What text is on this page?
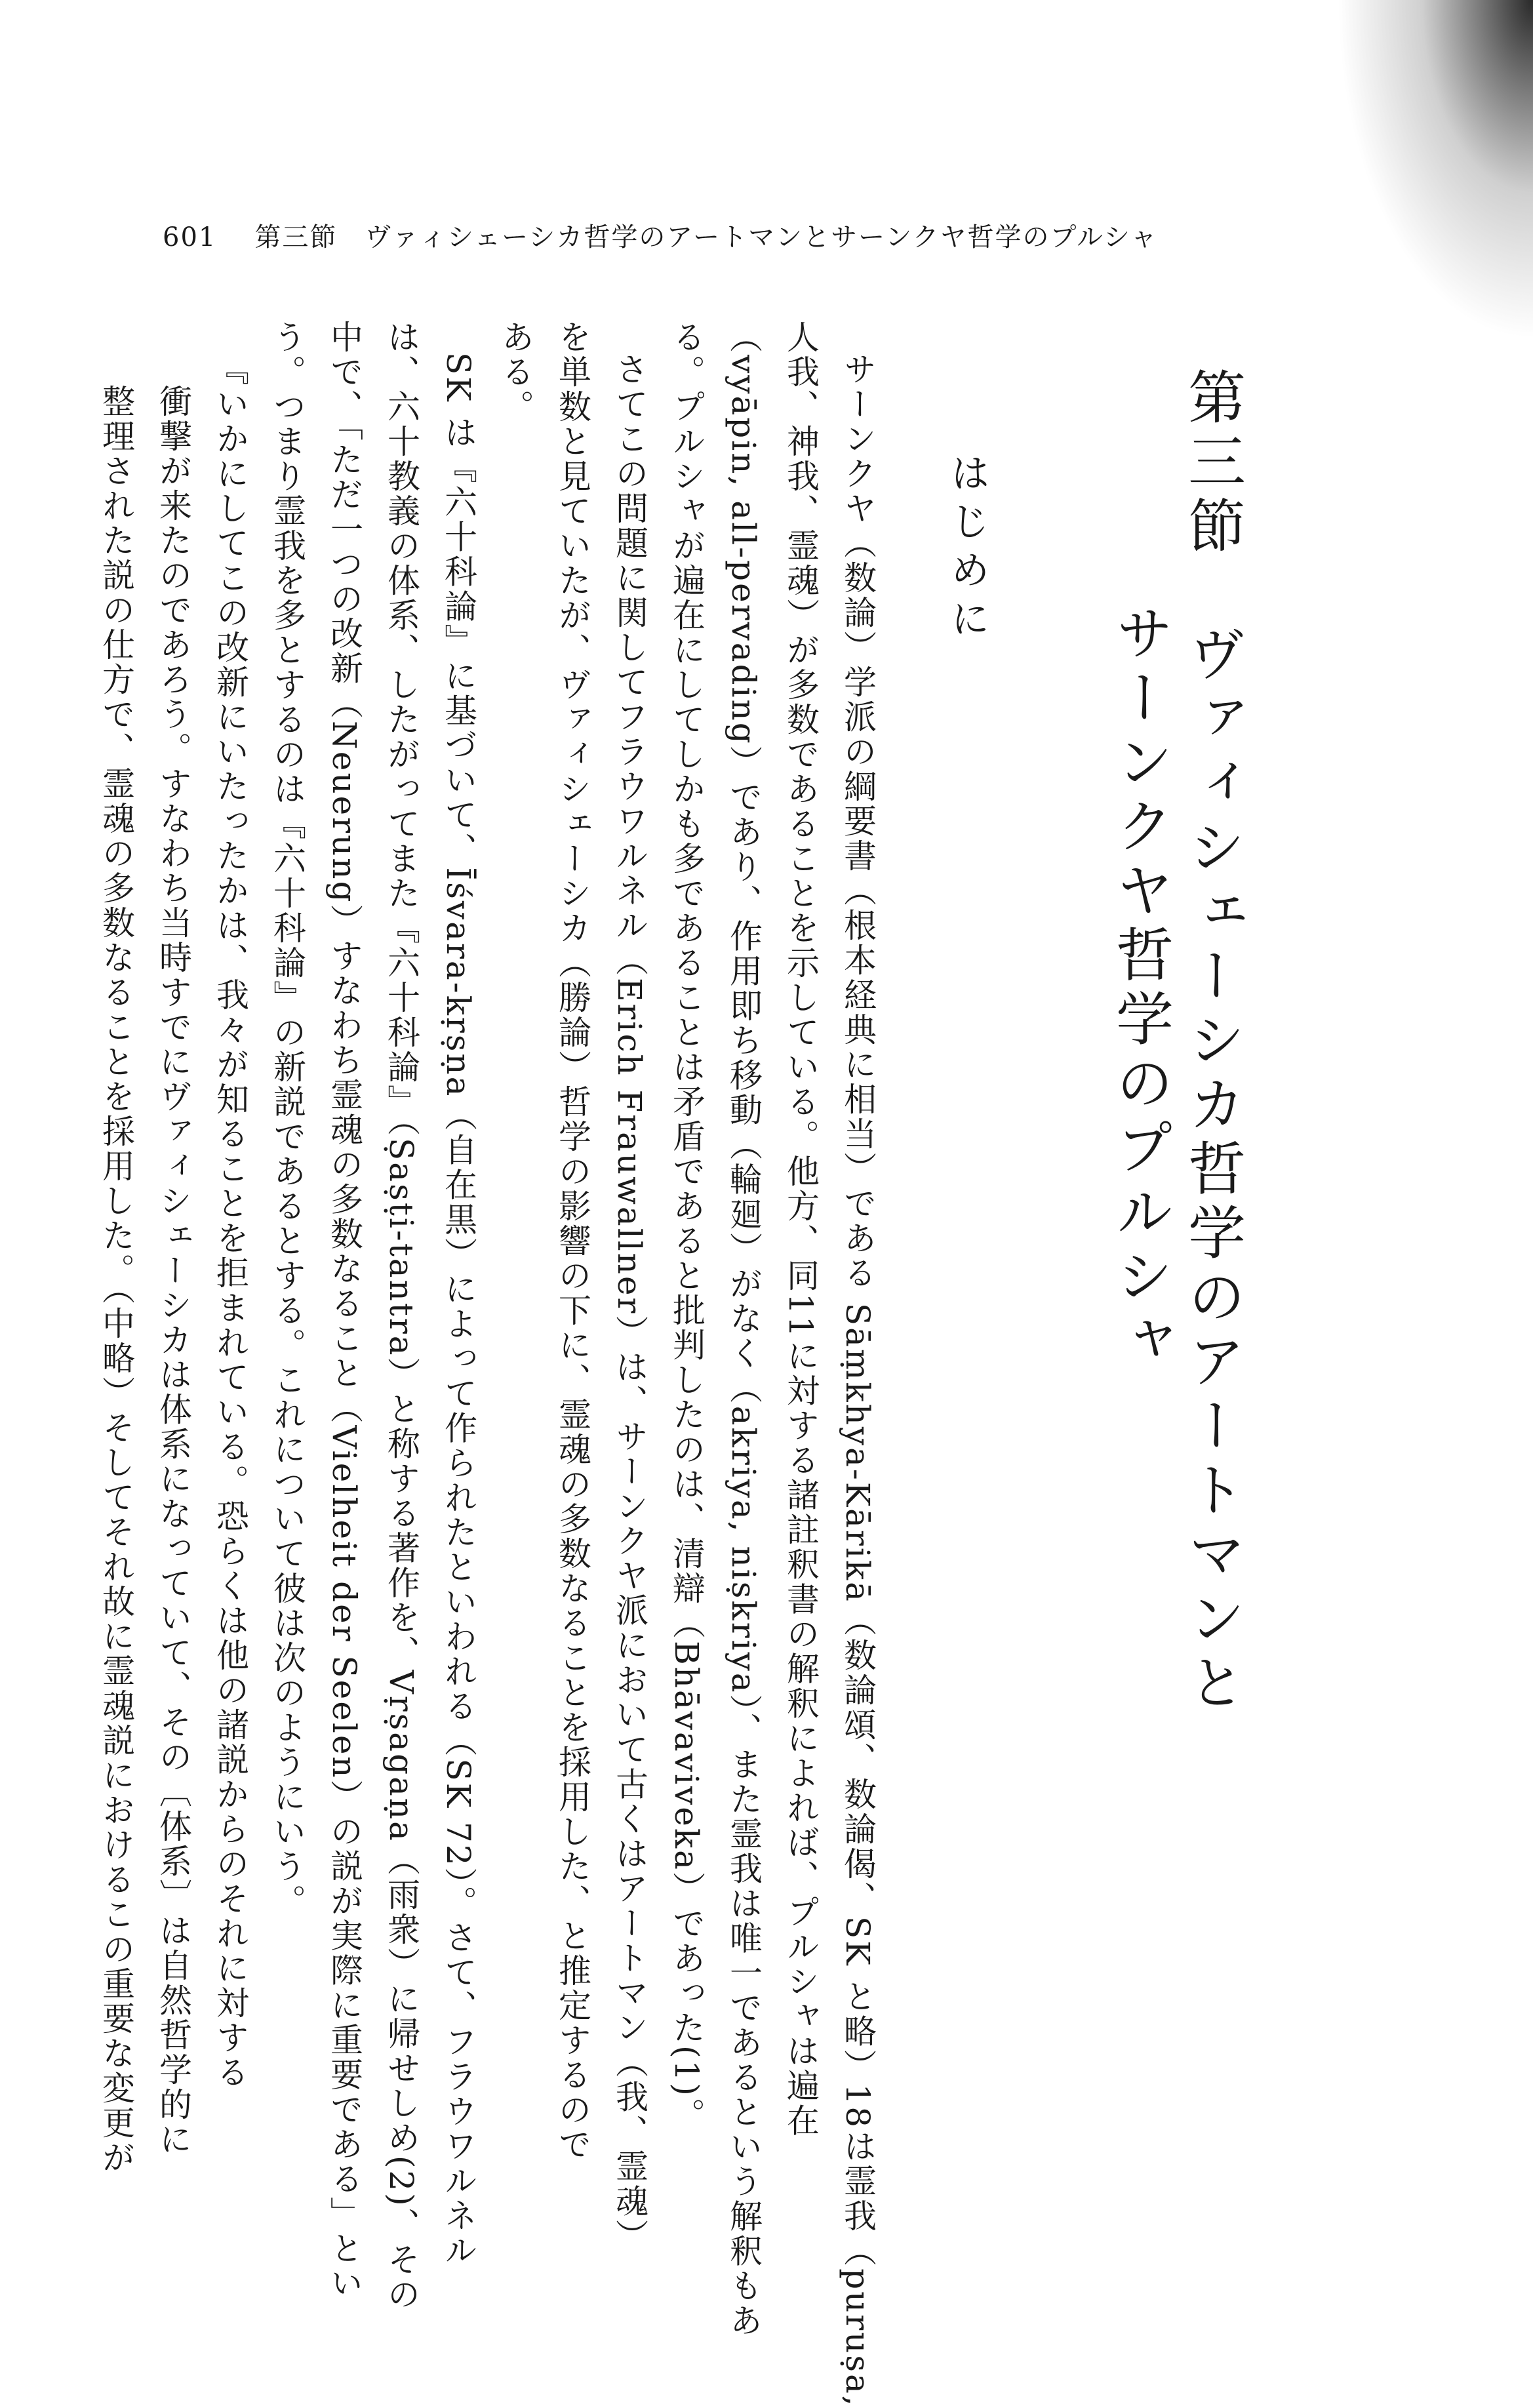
601 第三節　ヴァィシェーシカ哲学のアートマンとサーンクヤ哲学のプルシャ
第三節　ヴァィシェーシカ哲学のアートマンと
サーンクヤ哲学のプルシャ
はじめに
サーンクヤ（数論）学派の綱要書（根本経典に相当）である Sāṃkhya-Kārikā（数論頌、数論偈、SK と略）18は霊我（puruṣa,
人我、神我、霊魂）が多数であることを示している。他方、同11に対する諸註釈書の解釈によれば、プルシャは遍在
（vyāpin, all-pervading）であり、作用即ち移動（輪廻）がなく（akriya, niṣkriya）、また霊我は唯一であるという解釈もあ
る。プルシャが遍在にしてしかも多であることは矛盾であると批判したのは、清辯（Bhāvaviveka）であった(1)。
さてこの問題に関してフラウワルネル（Erich Frauwallner）は、サーンクヤ派において古くはアートマン（我、霊魂）
を単数と見ていたが、ヴァィシェーシカ（勝論）哲学の影響の下に、霊魂の多数なることを採用した、と推定するので
ある。
SK は『六十科論』に基づいて、Īśvara-kṛṣṇa（自在黒）によって作られたといわれる（SK 72）。さて、フラウワルネル
は、六十教義の体系、したがってまた『六十科論』（Ṣaṣṭi-tantra）と称する著作を、Vṛṣagaṇa（雨衆）に帰せしめ(2)、その
中で、「ただ一つの改新（Neuerung）すなわち霊魂の多数なること（Vielheit der Seelen）の説が実際に重要である」とい
う。つまり霊我を多とするのは『六十科論』の新説であるとする。これについて彼は次のようにいう。
『いかにしてこの改新にいたったかは、我々が知ることを拒まれている。恐らくは他の諸説からのそれに対する
衝撃が来たのであろう。すなわち当時すでにヴァィシェーシカは体系になっていて、その〔体系〕は自然哲学的に
整理された説の仕方で、霊魂の多数なることを採用した。（中略）そしてそれ故に霊魂説におけるこの重要な変更が
